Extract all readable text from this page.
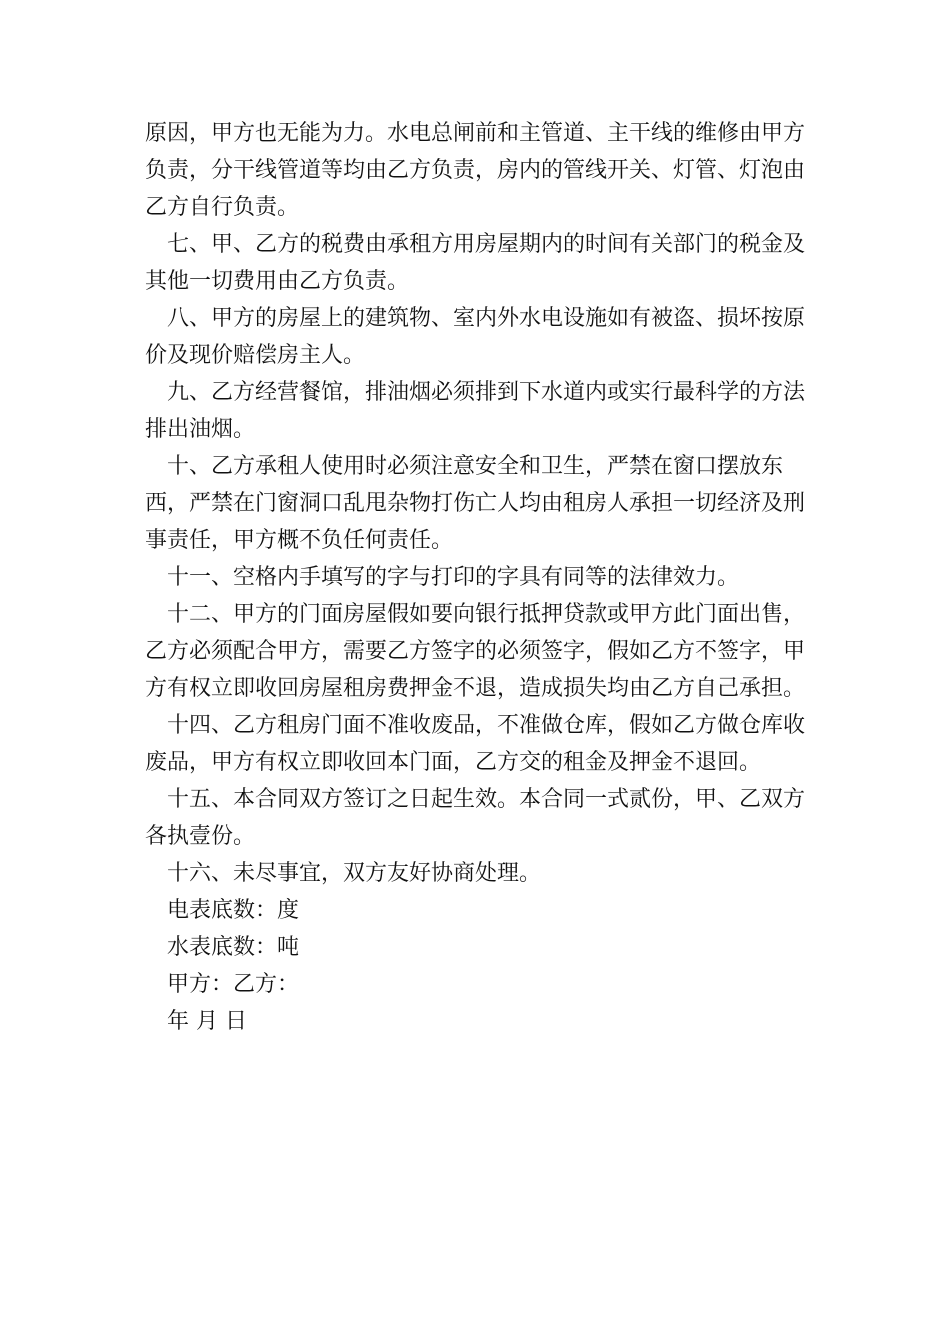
原因，甲方也无能为力。水电总闸前和主管道、主干线的维修由甲方负责，分干线管道等均由乙方负责，房内的管线开关、灯管、灯泡由乙方自行负责。

七、甲、乙方的税费由承租方用房屋期内的时间有关部门的税金及其他一切费用由乙方负责。

八、甲方的房屋上的建筑物、室内外水电设施如有被盗、损坏按原价及现价赔偿房主人。

九、乙方经营餐馆，排油烟必须排到下水道内或实行最科学的方法排出油烟。

十、乙方承租人使用时必须注意安全和卫生，严禁在窗口摆放东西，严禁在门窗洞口乱甩杂物打伤亡人均由租房人承担一切经济及刑事责任，甲方概不负任何责任。

十一、空格内手填写的字与打印的字具有同等的法律效力。

十二、甲方的门面房屋假如要向银行抵押贷款或甲方此门面出售，乙方必须配合甲方，需要乙方签字的必须签字，假如乙方不签字，甲方有权立即收回房屋租房费押金不退，造成损失均由乙方自己承担。

十四、乙方租房门面不准收废品，不准做仓库，假如乙方做仓库收废品，甲方有权立即收回本门面，乙方交的租金及押金不退回。

十五、本合同双方签订之日起生效。本合同一式贰份，甲、乙双方各执壹份。

十六、未尽事宜，双方友好协商处理。

电表底数：度

水表底数：吨

甲方：乙方：

年 月 日
